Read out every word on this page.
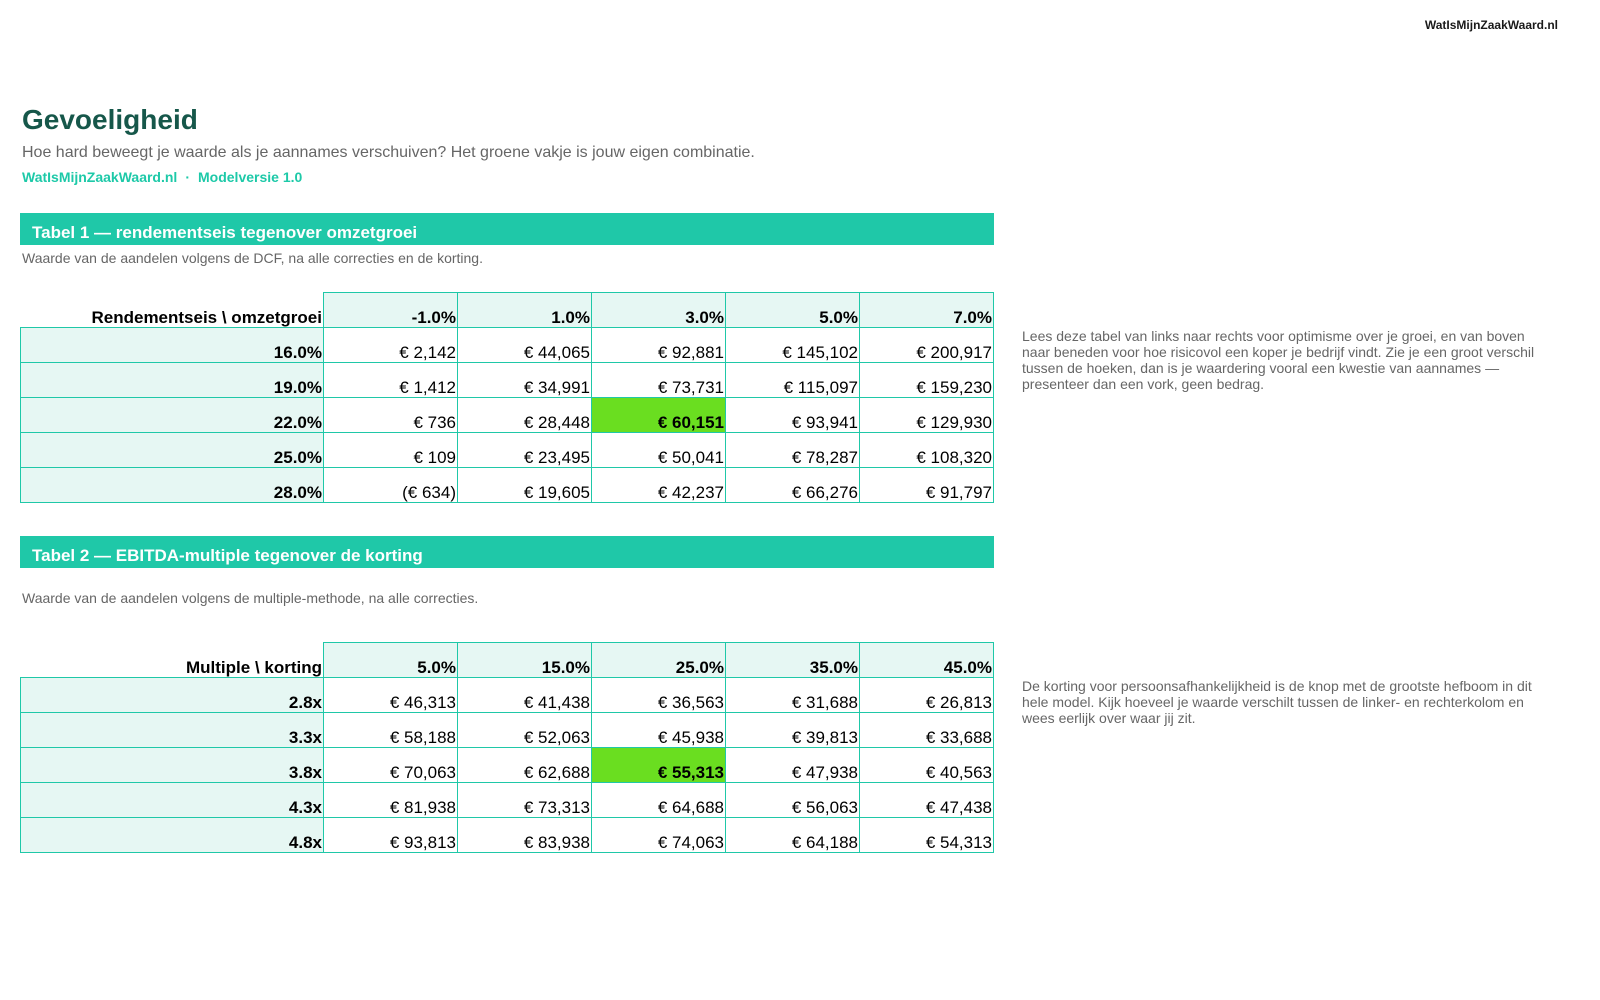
WatIsMijnZaakWaard.nl
Gevoeligheid
Hoe hard beweegt je waarde als je aannames verschuiven? Het groene vakje is jouw eigen combinatie.
WatIsMijnZaakWaard.nl · Modelversie 1.0
Tabel 1 — rendementseis tegenover omzetgroei
Waarde van de aandelen volgens de DCF, na alle correcties en de korting.
Rendementseis \ omzetgroei	-1.0%	1.0%	3.0%	5.0%	7.0%
16.0%	€ 2,142	€ 44,065	€ 92,881	€ 145,102	€ 200,917
19.0%	€ 1,412	€ 34,991	€ 73,731	€ 115,097	€ 159,230
22.0%	€ 736	€ 28,448	€ 60,151	€ 93,941	€ 129,930
25.0%	€ 109	€ 23,495	€ 50,041	€ 78,287	€ 108,320
28.0%	(€ 634)	€ 19,605	€ 42,237	€ 66,276	€ 91,797
Lees deze tabel van links naar rechts voor optimisme over je groei, en van boven naar beneden voor hoe risicovol een koper je bedrijf vindt. Zie je een groot verschil tussen de hoeken, dan is je waardering vooral een kwestie van aannames — presenteer dan een vork, geen bedrag.
Tabel 2 — EBITDA-multiple tegenover de korting
Waarde van de aandelen volgens de multiple-methode, na alle correcties.
Multiple \ korting	5.0%	15.0%	25.0%	35.0%	45.0%
2.8x	€ 46,313	€ 41,438	€ 36,563	€ 31,688	€ 26,813
3.3x	€ 58,188	€ 52,063	€ 45,938	€ 39,813	€ 33,688
3.8x	€ 70,063	€ 62,688	€ 55,313	€ 47,938	€ 40,563
4.3x	€ 81,938	€ 73,313	€ 64,688	€ 56,063	€ 47,438
4.8x	€ 93,813	€ 83,938	€ 74,063	€ 64,188	€ 54,313
De korting voor persoonsafhankelijkheid is de knop met de grootste hefboom in dit hele model. Kijk hoeveel je waarde verschilt tussen de linker- en rechterkolom en wees eerlijk over waar jij zit.
